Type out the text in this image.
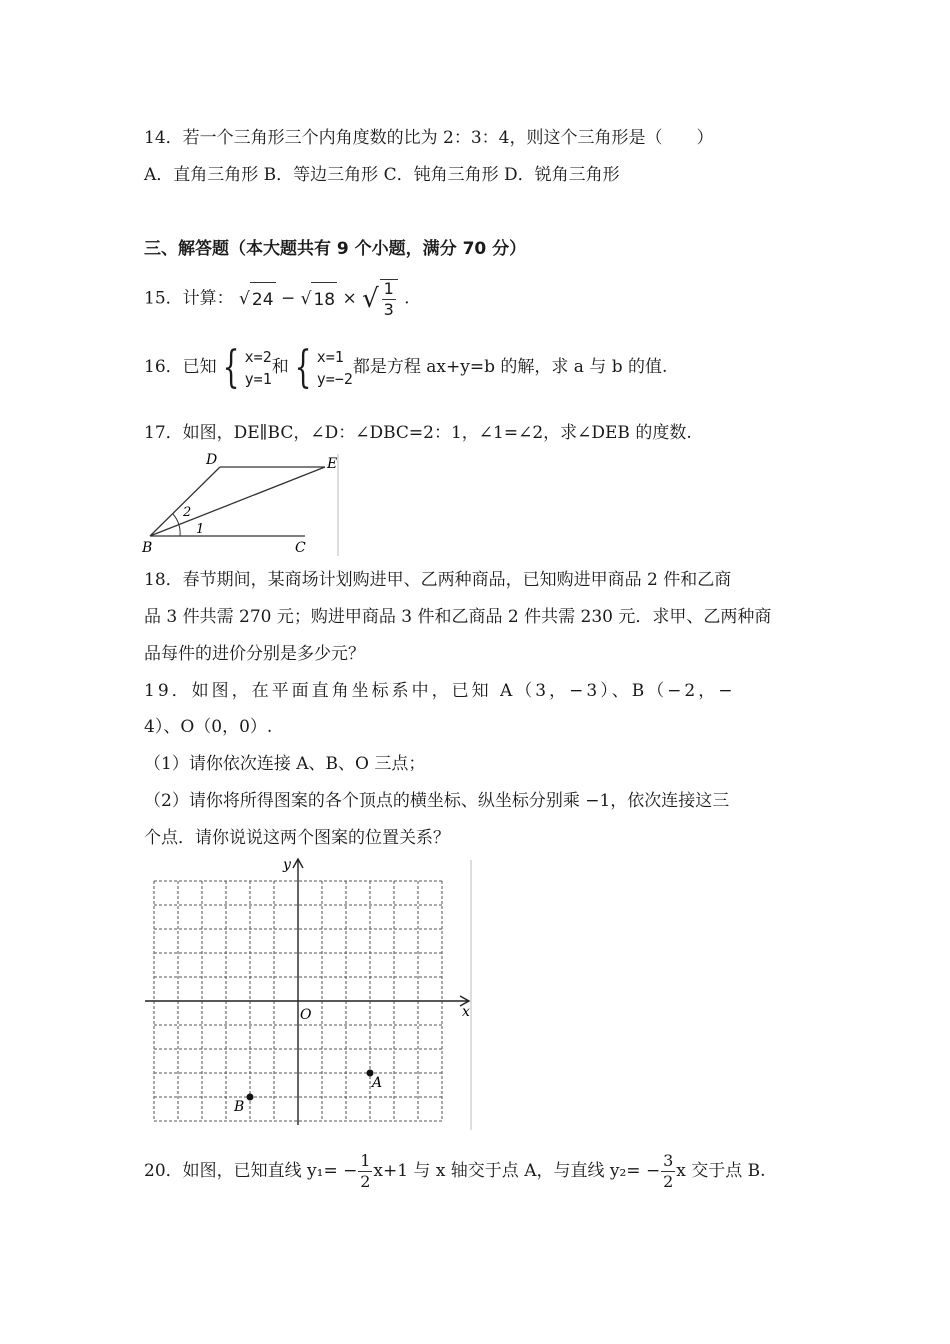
14．若一个三角形三个内角度数的比为 2：3：4，则这个三角形是（　　）
A．直角三角形 B．等边三角形 C．钝角三角形 D．锐角三角形
三、解答题（本大题共有 9 个小题，满分 70 分）
15．计算： √ 24 − √ 18 × √ $\frac{1}{3}$ .
16．已知 { x=2
y=1
和 { x=1
y=−2
都是方程 ax+y=b 的解，求 a 与 b 的值.
17．如图，DE∥BC，∠D：∠DBC=2：1，∠1=∠2，求∠DEB 的度数.
D	E
B	C
2
1
18．春节期间，某商场计划购进甲、乙两种商品，已知购进甲商品 2 件和乙商
品 3 件共需 270 元；购进甲商品 3 件和乙商品 2 件共需 230 元．求甲、乙两种商
品每件的进价分别是多少元？
19．如图，在平面直角坐标系中，已知 A（3，−3）、B（−2，−
4）、O（0，0）.
（1）请你依次连接 A、B、O 三点；
（2）请你将所得图案的各个顶点的横坐标、纵坐标分别乘 −1，依次连接这三
个点．请你说说这两个图案的位置关系？
x
y
O
A
B
20．如图，已知直线 $y_1= - \frac{1}{2} x+1$ 与 x 轴交于点 A，与直线 $y_2= - \frac{3}{2}$ x 交于点 B.
